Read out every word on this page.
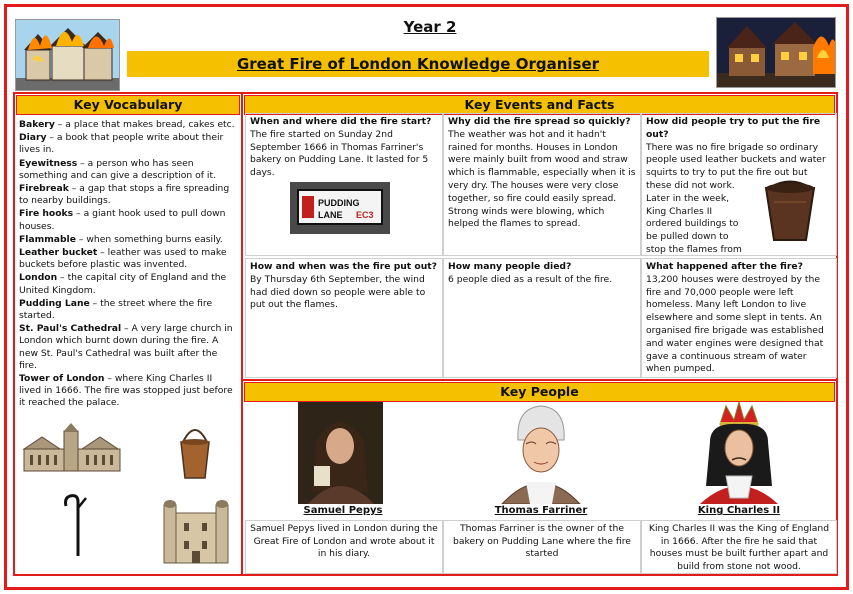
Year 2
Great Fire of London Knowledge Organiser
Key Vocabulary

Bakery – a place that makes bread, cakes etc.

Diary – a book that people write about their lives in.

Eyewitness – a person who has seen something and can give a description of it.

Firebreak – a gap that stops a fire spreading to nearby buildings.

Fire hooks – a giant hook used to pull down houses.

Flammable – when something burns easily.

Leather bucket – leather was used to make buckets before plastic was invented.

London – the capital city of England and the United Kingdom.

Pudding Lane – the street where the fire started.

St. Paul's Cathedral – A very large church in London which burnt down during the fire. A new St. Paul's Cathedral was built after the fire.

Tower of London – where King Charles II lived in 1666. The fire was stopped just before it reached the palace.

Key Events and Facts
When and where did the fire start?
The fire started on Sunday 2nd September 1666 in Thomas Farriner's bakery on Pudding Lane. It lasted for 5 days.
PUDDING
LANE EC3
Why did the fire spread so quickly?
The weather was hot and it hadn't rained for months. Houses in London were mainly built from wood and straw which is flammable, especially when it is very dry. The houses were very close together, so fire could easily spread. Strong winds were blowing, which helped the flames to spread.
How did people try to put the fire out?
There was no fire brigade so ordinary people used leather buckets and water squirts to try to put the fire out but these did not work.
Later in the week, King Charles II ordered buildings to be pulled down to stop the flames from
How and when was the fire put out?
By Thursday 6th September, the wind had died down so people were able to put out the flames.
How many people died?
6 people died as a result of the fire.
What happened after the fire?
13,200 houses were destroyed by the fire and 70,000 people were left homeless. Many left London to live elsewhere and some slept in tents. An organised fire brigade was established and water engines were designed that gave a continuous stream of water when pumped.
Key People
Samuel Pepys	Thomas Farriner	King Charles II
Samuel Pepys lived in London during the Great Fire of London and wrote about it in his diary.
Thomas Farriner is the owner of the bakery on Pudding Lane where the fire started
King Charles II was the King of England in 1666. After the fire he said that houses must be built further apart and build from stone not wood.
